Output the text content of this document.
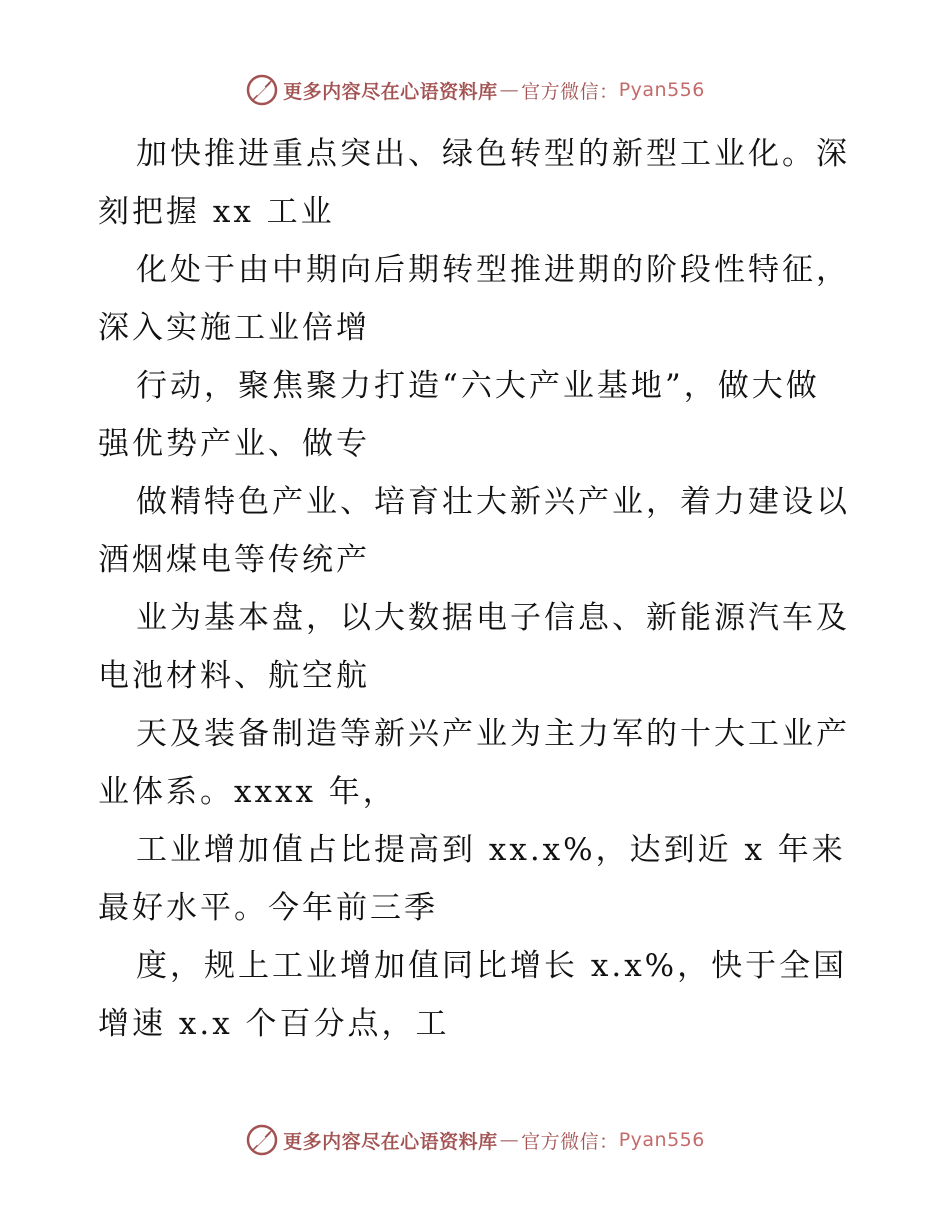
更多内容尽在心语资料库 — 官方微信： Pyan556
加快推进重点突出、绿色转型的新型工业化。深
刻把握 xx 工业
化处于由中期向后期转型推进期的阶段性特征，
深入实施工业倍增
行动，聚焦聚力打造“六大产业基地”，做大做
强优势产业、做专
做精特色产业、培育壮大新兴产业，着力建设以
酒烟煤电等传统产
业为基本盘，以大数据电子信息、新能源汽车及
电池材料、航空航
天及装备制造等新兴产业为主力军的十大工业产
业体系。xxxx 年，
工业增加值占比提高到 xx.x%，达到近 x 年来
最好水平。今年前三季
度，规上工业增加值同比增长 x.x%，快于全国
增速 x.x 个百分点，工
更多内容尽在心语资料库 — 官方微信： Pyan556
